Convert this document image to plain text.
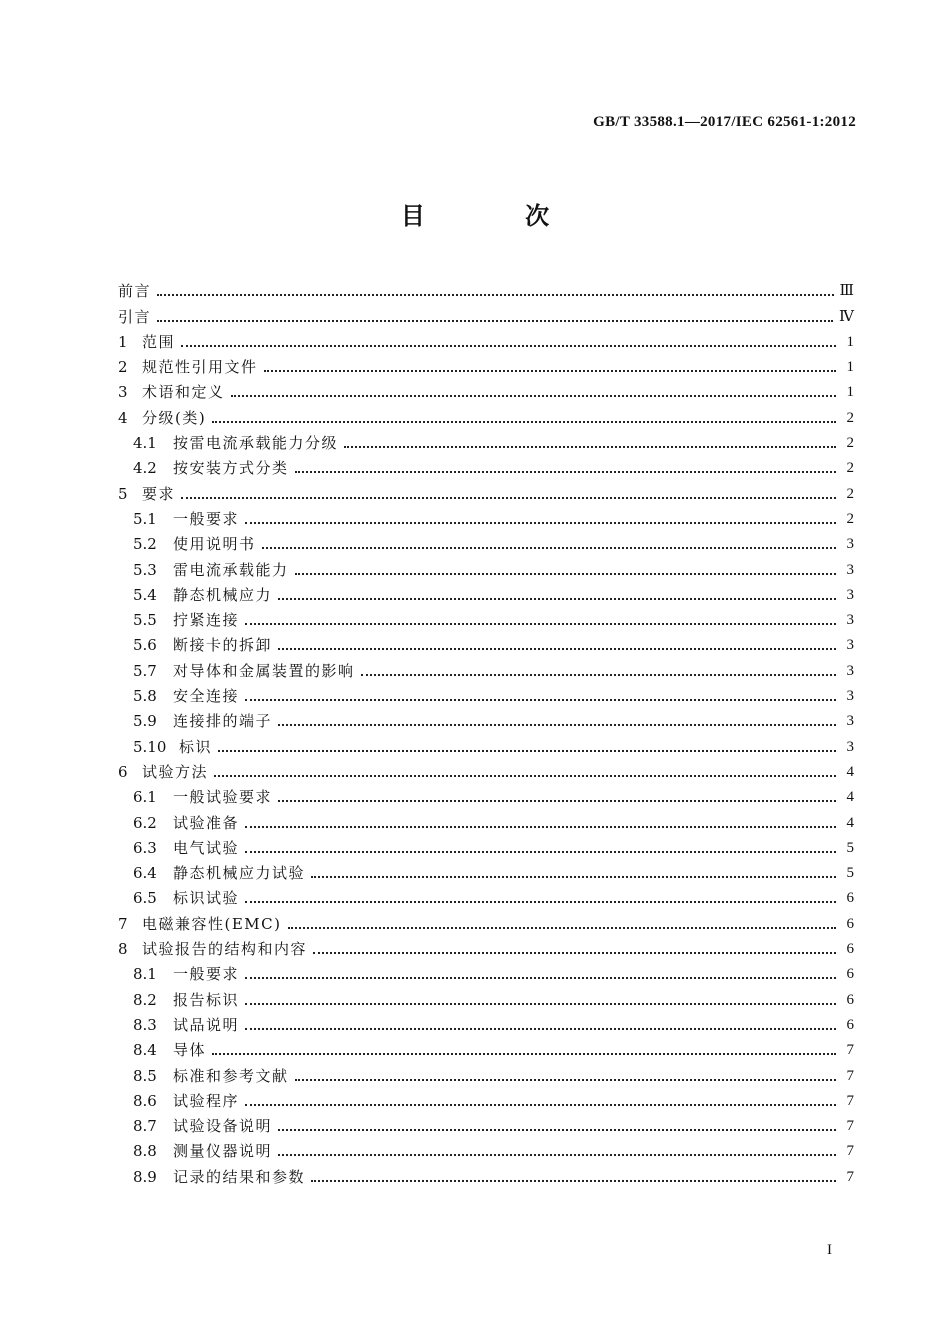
GB/T 33588.1—2017/IEC 62561-1:2012
目 次
前言	Ⅲ
引言	Ⅳ
1 范围	1
2 规范性引用文件	1
3 术语和定义	1
4 分级(类)	2
4.1	按雷电流承载能力分级	2
4.2	按安装方式分类	2
5 要求	2
5.1	一般要求	2
5.2	使用说明书	3
5.3	雷电流承载能力	3
5.4	静态机械应力	3
5.5	拧紧连接	3
5.6	断接卡的拆卸	3
5.7	对导体和金属装置的影响	3
5.8	安全连接	3
5.9	连接排的端子	3
5.10 标识	3
6 试验方法	4
6.1	一般试验要求	4
6.2	试验准备	4
6.3	电气试验	5
6.4	静态机械应力试验	5
6.5	标识试验	6
7 电磁兼容性(EMC)	6
8 试验报告的结构和内容	6
8.1	一般要求	6
8.2	报告标识	6
8.3	试品说明	6
8.4	导体	7
8.5	标准和参考文献	7
8.6	试验程序	7
8.7	试验设备说明	7
8.8	测量仪器说明	7
8.9	记录的结果和参数	7
I
